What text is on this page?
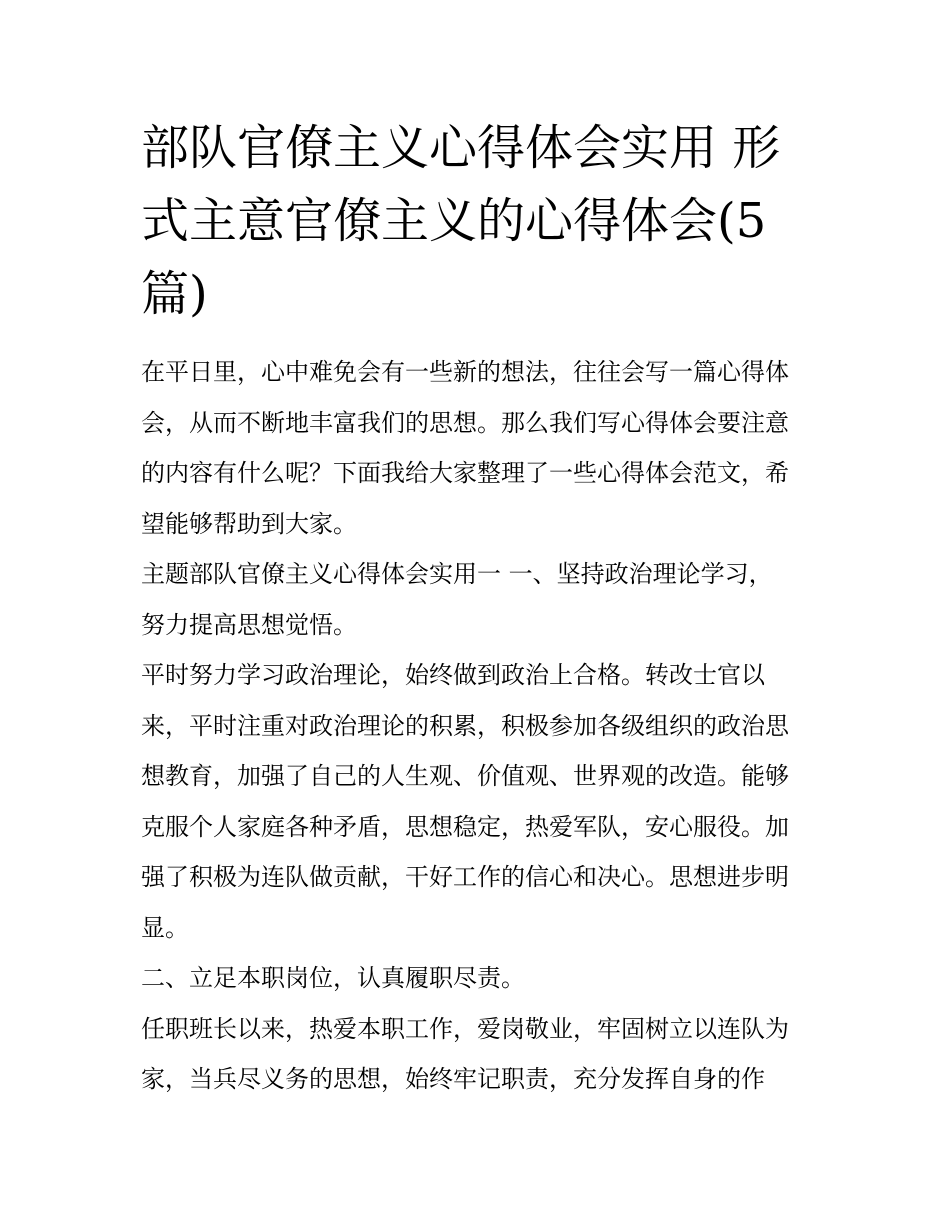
部队官僚主义心得体会实用 形
式主意官僚主义的心得体会(5
篇)

在平日里，心中难免会有一些新的想法，往往会写一篇心得体
会，从而不断地丰富我们的思想。那么我们写心得体会要注意
的内容有什么呢？下面我给大家整理了一些心得体会范文，希
望能够帮助到大家。

主题部队官僚主义心得体会实用一 一、坚持政治理论学习，
努力提高思想觉悟。

平时努力学习政治理论，始终做到政治上合格。转改士官以
来，平时注重对政治理论的积累，积极参加各级组织的政治思
想教育，加强了自己的人生观、价值观、世界观的改造。能够
克服个人家庭各种矛盾，思想稳定，热爱军队，安心服役。加
强了积极为连队做贡献，干好工作的信心和决心。思想进步明
显。

二、立足本职岗位，认真履职尽责。

任职班长以来，热爱本职工作，爱岗敬业，牢固树立以连队为
家，当兵尽义务的思想，始终牢记职责，充分发挥自身的作
